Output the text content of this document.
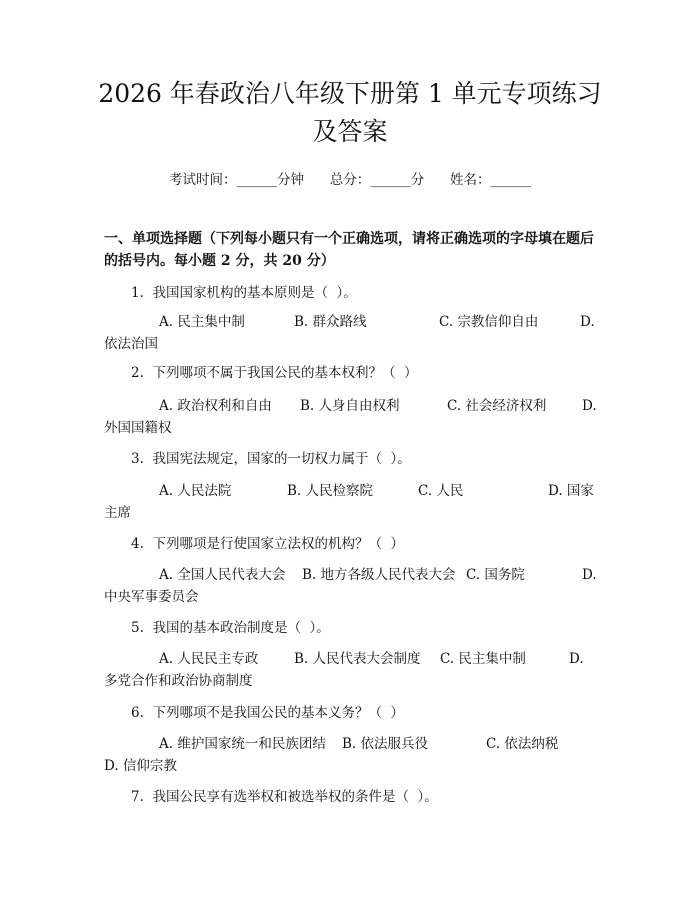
2026 年春政治八年级下册第 1 单元专项练习
及答案
考试时间：______分钟      总分：______分      姓名：______
一、单项选择题（下列每小题只有一个正确选项，请将正确选项的字母填在题后的括号内。每小题 2 分，共 20 分）
1.  我国国家机构的基本原则是（  ）。
A. 民主集中制	B. 群众路线	C. 宗教信仰自由	D.
依法治国
2.  下列哪项不属于我国公民的基本权利？（  ）
A. 政治权利和自由 B. 人身自由权利	C. 社会经济权利	D.
外国国籍权
3.  我国宪法规定，国家的一切权力属于（  ）。
A. 人民法院	B. 人民检察院	C. 人民	D. 国家
主席
4.  下列哪项是行使国家立法权的机构？（  ）
A. 全国人民代表大会 B. 地方各级人民代表大会 C. 国务院	D.
中央军事委员会
5.  我国的基本政治制度是（  ）。
A. 人民民主专政	B. 人民代表大会制度 C. 民主集中制	D.
多党合作和政治协商制度
6.  下列哪项不是我国公民的基本义务？（  ）
A. 维护国家统一和民族团结 B. 依法服兵役	C. 依法纳税
D. 信仰宗教
7.  我国公民享有选举权和被选举权的条件是（  ）。
